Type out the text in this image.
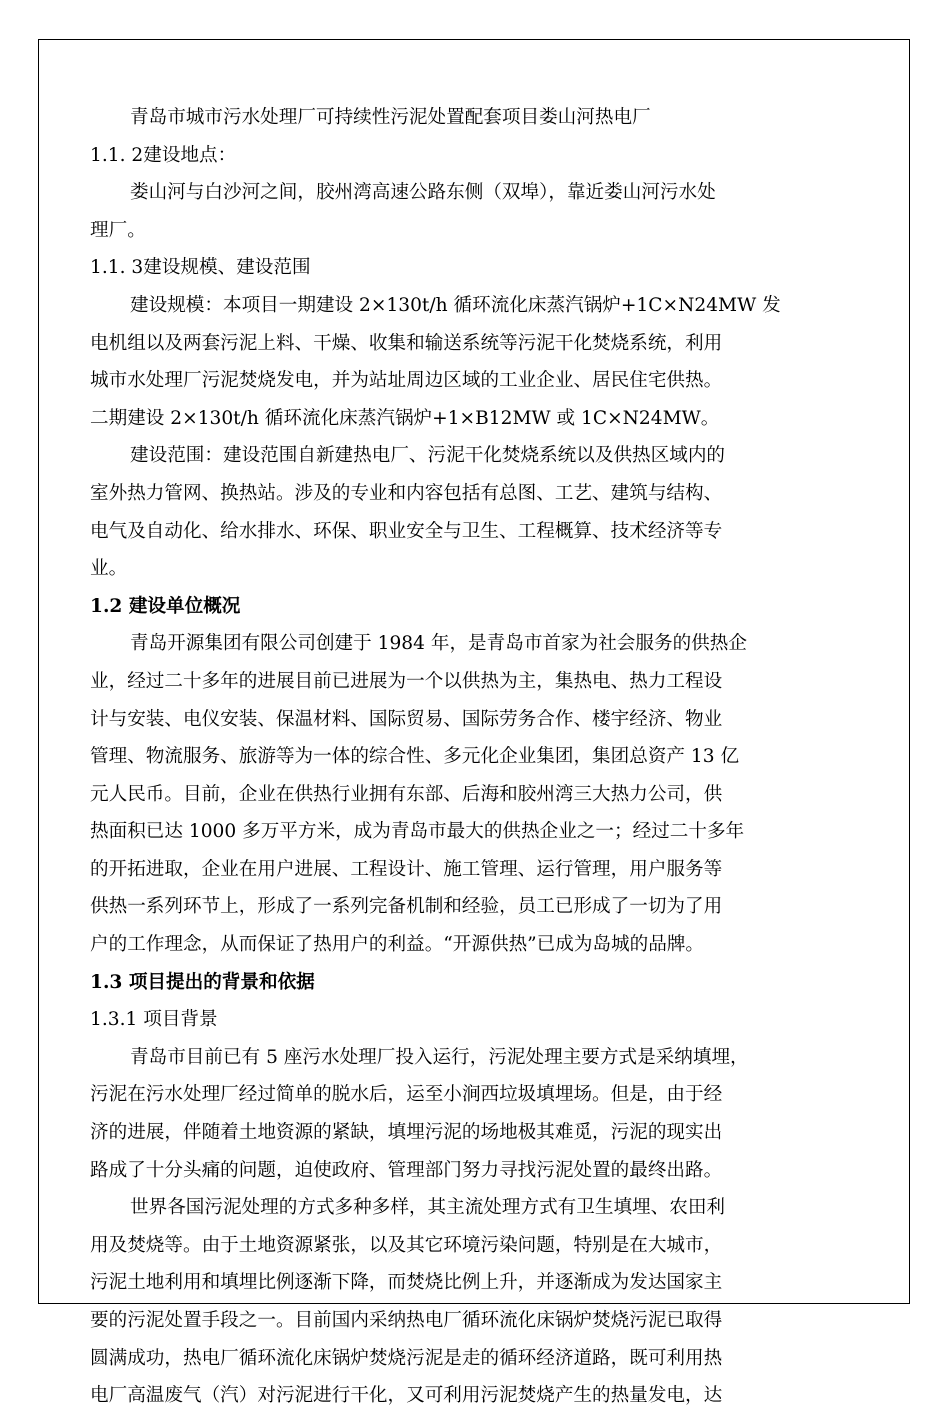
青岛市城市污水处理厂可持续性污泥处置配套项目娄山河热电厂
1.1. 2建设地点：
娄山河与白沙河之间，胶州湾高速公路东侧（双埠），靠近娄山河污水处
理厂。
1.1. 3建设规模、建设范围
建设规模：本项目一期建设 2×130t/h 循环流化床蒸汽锅炉+1C×N24MW 发
电机组以及两套污泥上料、干燥、收集和输送系统等污泥干化焚烧系统，利用
城市水处理厂污泥焚烧发电，并为站址周边区域的工业企业、居民住宅供热。
二期建设 2×130t/h 循环流化床蒸汽锅炉+1×B12MW 或 1C×N24MW。
建设范围：建设范围自新建热电厂、污泥干化焚烧系统以及供热区域内的
室外热力管网、换热站。涉及的专业和内容包括有总图、工艺、建筑与结构、
电气及自动化、给水排水、环保、职业安全与卫生、工程概算、技术经济等专
业。
1.2 建设单位概况
青岛开源集团有限公司创建于 1984 年，是青岛市首家为社会服务的供热企
业，经过二十多年的进展目前已进展为一个以供热为主，集热电、热力工程设
计与安装、电仪安装、保温材料、国际贸易、国际劳务合作、楼宇经济、物业
管理、物流服务、旅游等为一体的综合性、多元化企业集团，集团总资产 13 亿
元人民币。目前，企业在供热行业拥有东部、后海和胶州湾三大热力公司，供
热面积已达 1000 多万平方米，成为青岛市最大的供热企业之一；经过二十多年
的开拓进取，企业在用户进展、工程设计、施工管理、运行管理，用户服务等
供热一系列环节上，形成了一系列完备机制和经验，员工已形成了一切为了用
户的工作理念，从而保证了热用户的利益。“开源供热”已成为岛城的品牌。
1.3 项目提出的背景和依据
1.3.1 项目背景
青岛市目前已有 5 座污水处理厂投入运行，污泥处理主要方式是采纳填埋，
污泥在污水处理厂经过简单的脱水后，运至小涧西垃圾填埋场。但是，由于经
济的进展，伴随着土地资源的紧缺，填埋污泥的场地极其难觅，污泥的现实出
路成了十分头痛的问题，迫使政府、管理部门努力寻找污泥处置的最终出路。
世界各国污泥处理的方式多种多样，其主流处理方式有卫生填埋、农田利
用及焚烧等。由于土地资源紧张，以及其它环境污染问题，特别是在大城市，
污泥土地利用和填埋比例逐渐下降，而焚烧比例上升，并逐渐成为发达国家主
要的污泥处置手段之一。目前国内采纳热电厂循环流化床锅炉焚烧污泥已取得
圆满成功，热电厂循环流化床锅炉焚烧污泥是走的循环经济道路，既可利用热
电厂高温废气（汽）对污泥进行干化，又可利用污泥焚烧产生的热量发电，达
